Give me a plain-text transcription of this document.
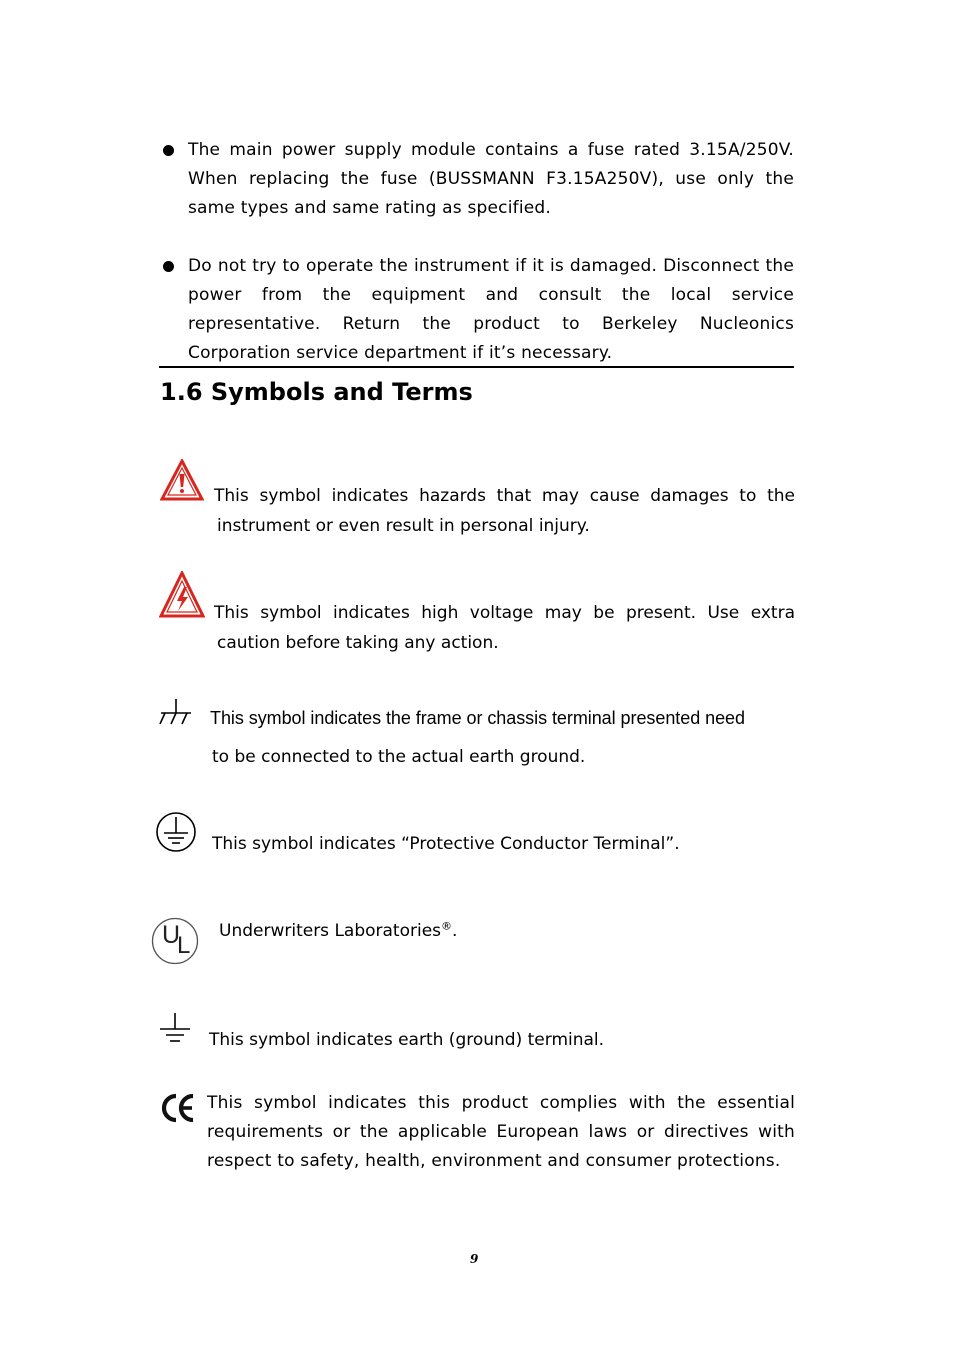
The main power supply module contains a fuse rated 3.15A/250V.
When replacing the fuse (BUSSMANN F3.15A250V), use only the
same types and same rating as specified.
Do not try to operate the instrument if it is damaged. Disconnect the
power from the equipment and consult the local service
representative. Return the product to Berkeley Nucleonics
Corporation service department if it’s necessary.
1.6 Symbols and Terms
This symbol indicates hazards that may cause damages to the
instrument or even result in personal injury.
This symbol indicates high voltage may be present. Use extra
caution before taking any action.
This symbol indicates the frame or chassis terminal presented need
to be connected to the actual earth ground.
This symbol indicates “Protective Conductor Terminal”.
U
L
Underwriters Laboratories®.
This symbol indicates earth (ground) terminal.
This symbol indicates this product complies with the essential
requirements or the applicable European laws or directives with
respect to safety, health, environment and consumer protections.
9
